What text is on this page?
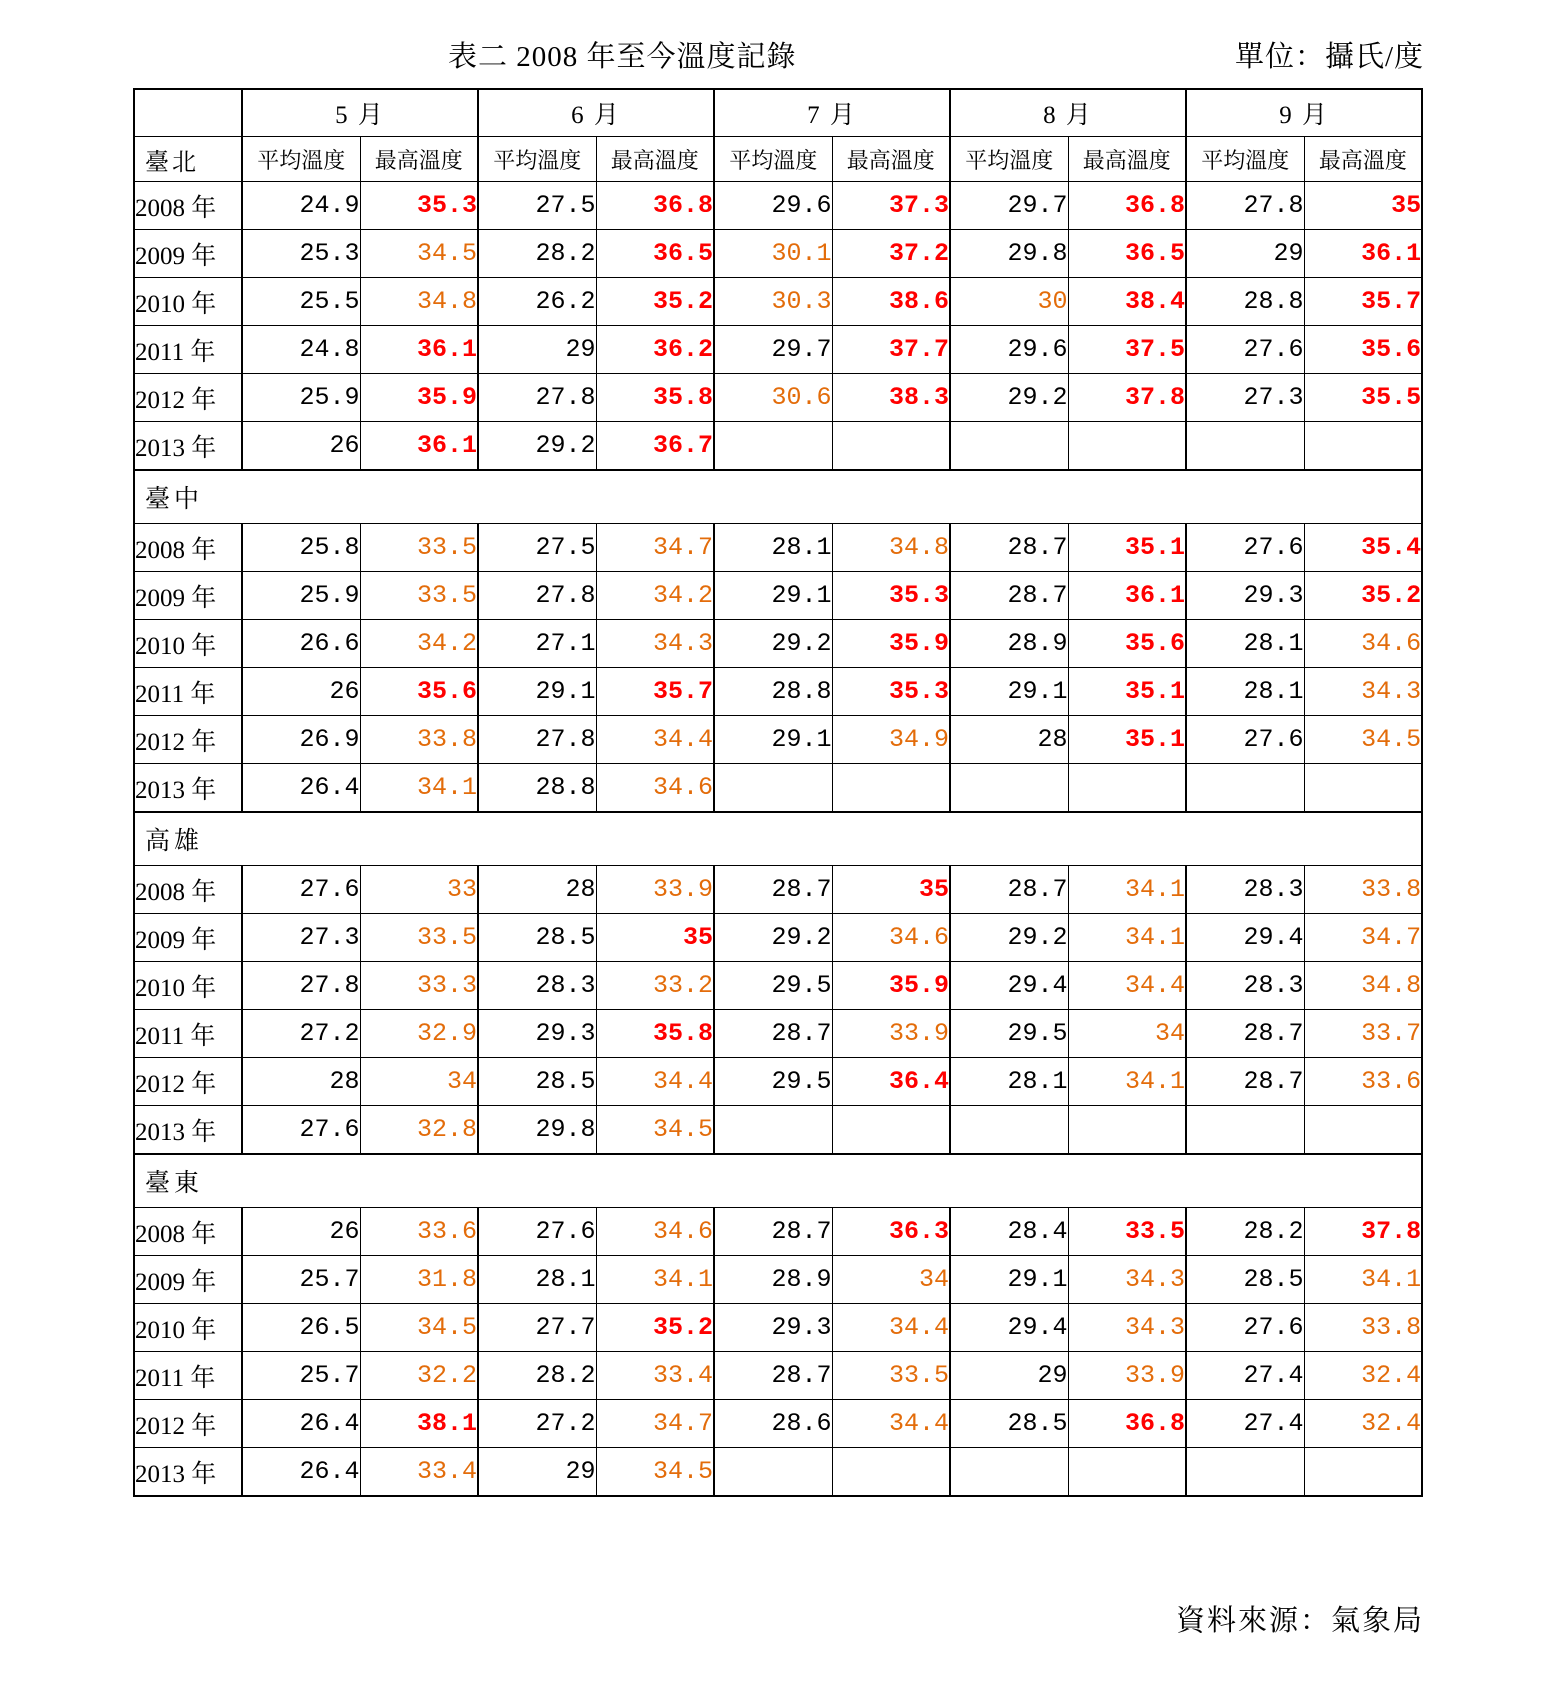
表二 2008 年至今溫度記錄	單位：攝氏/度
	5 月		6 月		7 月		8 月		9 月	
臺北	平均溫度	最高溫度	平均溫度	最高溫度	平均溫度	最高溫度	平均溫度	最高溫度	平均溫度	最高溫度
2008 年	24.9	35.3	27.5	36.8	29.6	37.3	29.7	36.8	27.8	35
2009 年	25.3	34.5	28.2	36.5	30.1	37.2	29.8	36.5	29	36.1
2010 年	25.5	34.8	26.2	35.2	30.3	38.6	30	38.4	28.8	35.7
2011 年	24.8	36.1	29	36.2	29.7	37.7	29.6	37.5	27.6	35.6
2012 年	25.9	35.9	27.8	35.8	30.6	38.3	29.2	37.8	27.3	35.5
2013 年	26	36.1	29.2	36.7						
臺中										
2008 年	25.8	33.5	27.5	34.7	28.1	34.8	28.7	35.1	27.6	35.4
2009 年	25.9	33.5	27.8	34.2	29.1	35.3	28.7	36.1	29.3	35.2
2010 年	26.6	34.2	27.1	34.3	29.2	35.9	28.9	35.6	28.1	34.6
2011 年	26	35.6	29.1	35.7	28.8	35.3	29.1	35.1	28.1	34.3
2012 年	26.9	33.8	27.8	34.4	29.1	34.9	28	35.1	27.6	34.5
2013 年	26.4	34.1	28.8	34.6						
高雄										
2008 年	27.6	33	28	33.9	28.7	35	28.7	34.1	28.3	33.8
2009 年	27.3	33.5	28.5	35	29.2	34.6	29.2	34.1	29.4	34.7
2010 年	27.8	33.3	28.3	33.2	29.5	35.9	29.4	34.4	28.3	34.8
2011 年	27.2	32.9	29.3	35.8	28.7	33.9	29.5	34	28.7	33.7
2012 年	28	34	28.5	34.4	29.5	36.4	28.1	34.1	28.7	33.6
2013 年	27.6	32.8	29.8	34.5						
臺東										
2008 年	26	33.6	27.6	34.6	28.7	36.3	28.4	33.5	28.2	37.8
2009 年	25.7	31.8	28.1	34.1	28.9	34	29.1	34.3	28.5	34.1
2010 年	26.5	34.5	27.7	35.2	29.3	34.4	29.4	34.3	27.6	33.8
2011 年	25.7	32.2	28.2	33.4	28.7	33.5	29	33.9	27.4	32.4
2012 年	26.4	38.1	27.2	34.7	28.6	34.4	28.5	36.8	27.4	32.4
2013 年	26.4	33.4	29	34.5						
資料來源：氣象局
